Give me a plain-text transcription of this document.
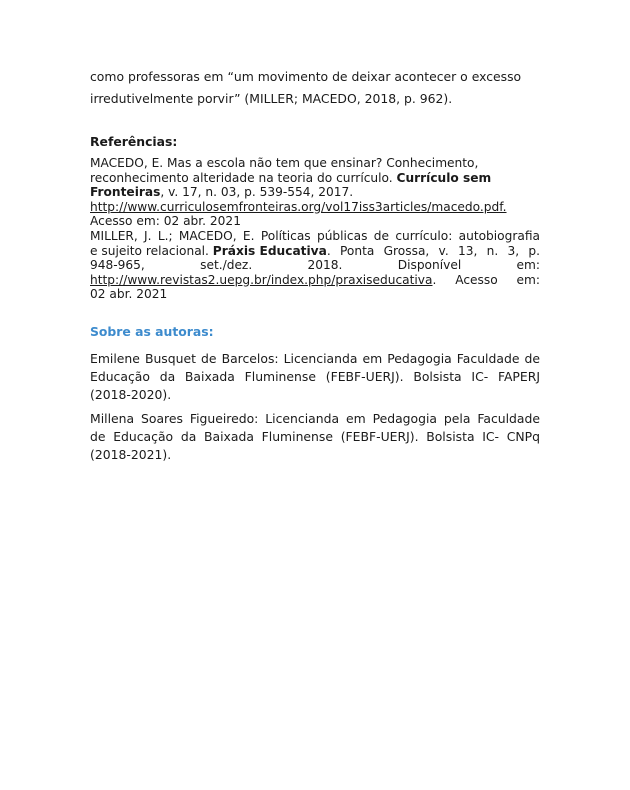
como professoras em “um movimento de deixar acontecer o excesso
irredutivelmente porvir” (MILLER; MACEDO, 2018, p. 962).
Referências:
MACEDO, E. Mas a escola não tem que ensinar? Conhecimento,
reconhecimento alteridade na teoria do currículo. Currículo sem
Fronteiras, v. 17, n. 03, p. 539-554, 2017.
http://www.curriculosemfronteiras.org/vol17iss3articles/macedo.pdf.
Acesso em: 02 abr. 2021
MILLER, J. L.; MACEDO, E. Políticas públicas de currículo: autobiografia
e sujeito relacional. Práxis Educativa . Ponta Grossa, v. 13, n. 3, p.
948-965, set./dez. 2018. Disponível em:
http://www.revistas2.uepg.br/index.php/praxiseducativa . Acesso em:
02 abr. 2021
Sobre as autoras:
Emilene Busquet de Barcelos: Licencianda em Pedagogia Faculdade de
Educação da Baixada Fluminense (FEBF-UERJ). Bolsista IC- FAPERJ
(2018-2020).
Millena Soares Figueiredo: Licencianda em Pedagogia pela Faculdade
de Educação da Baixada Fluminense (FEBF-UERJ). Bolsista IC- CNPq
(2018-2021).
